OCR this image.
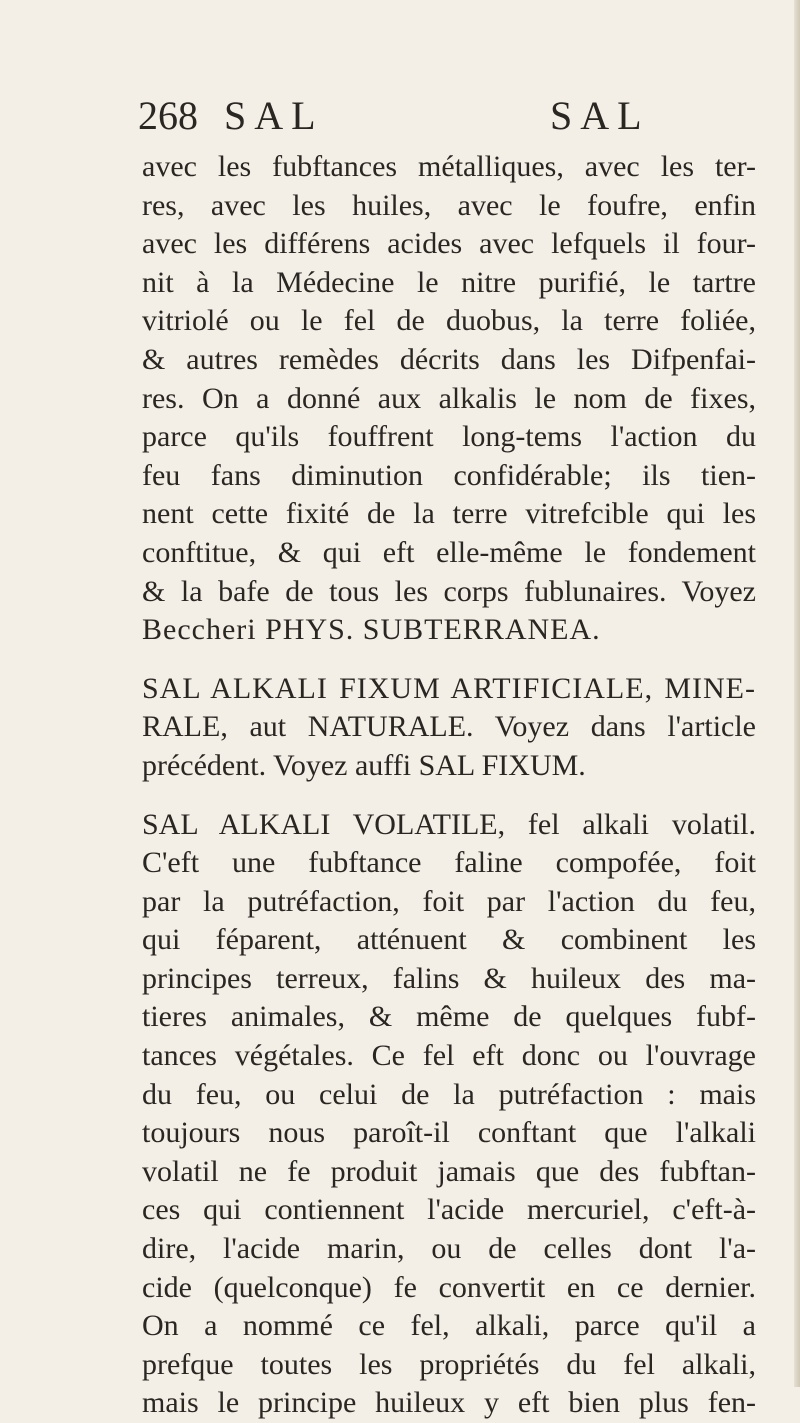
268 SAL	SAL

avec les fubftances métalliques, avec les ter-
res, avec les huiles, avec le foufre, enfin
avec les différens acides avec lefquels il four-
nit à la Médecine le nitre purifié, le tartre
vitriolé ou le fel de duobus, la terre foliée,
& autres remèdes décrits dans les Difpenfai-
res. On a donné aux alkalis le nom de fixes,
parce qu'ils fouffrent long-tems l'action du
feu fans diminution confidérable; ils tien-
nent cette fixité de la terre vitrefcible qui les
conftitue, & qui eft elle-même le fondement
& la bafe de tous les corps fublunaires. Voyez
Beccheri PHYS. SUBTERRANEA.

SAL ALKALI FIXUM ARTIFICIALE, MINE-
RALE, aut NATURALE. Voyez dans l'article
précédent. Voyez auffi SAL FIXUM.

SAL ALKALI VOLATILE, fel alkali volatil.
C'eft une fubftance faline compofée, foit
par la putréfaction, foit par l'action du feu,
qui féparent, atténuent & combinent les
principes terreux, falins & huileux des ma-
tieres animales, & même de quelques fubf-
tances végétales. Ce fel eft donc ou l'ouvrage
du feu, ou celui de la putréfaction : mais
toujours nous paroît-il conftant que l'alkali
volatil ne fe produit jamais que des fubftan-
ces qui contiennent l'acide mercuriel, c'eft-à-
dire, l'acide marin, ou de celles dont l'a-
cide (quelconque) fe convertit en ce dernier.
On a nommé ce fel, alkali, parce qu'il a
prefque toutes les propriétés du fel alkali,
mais le principe huileux y eft bien plus fen-
